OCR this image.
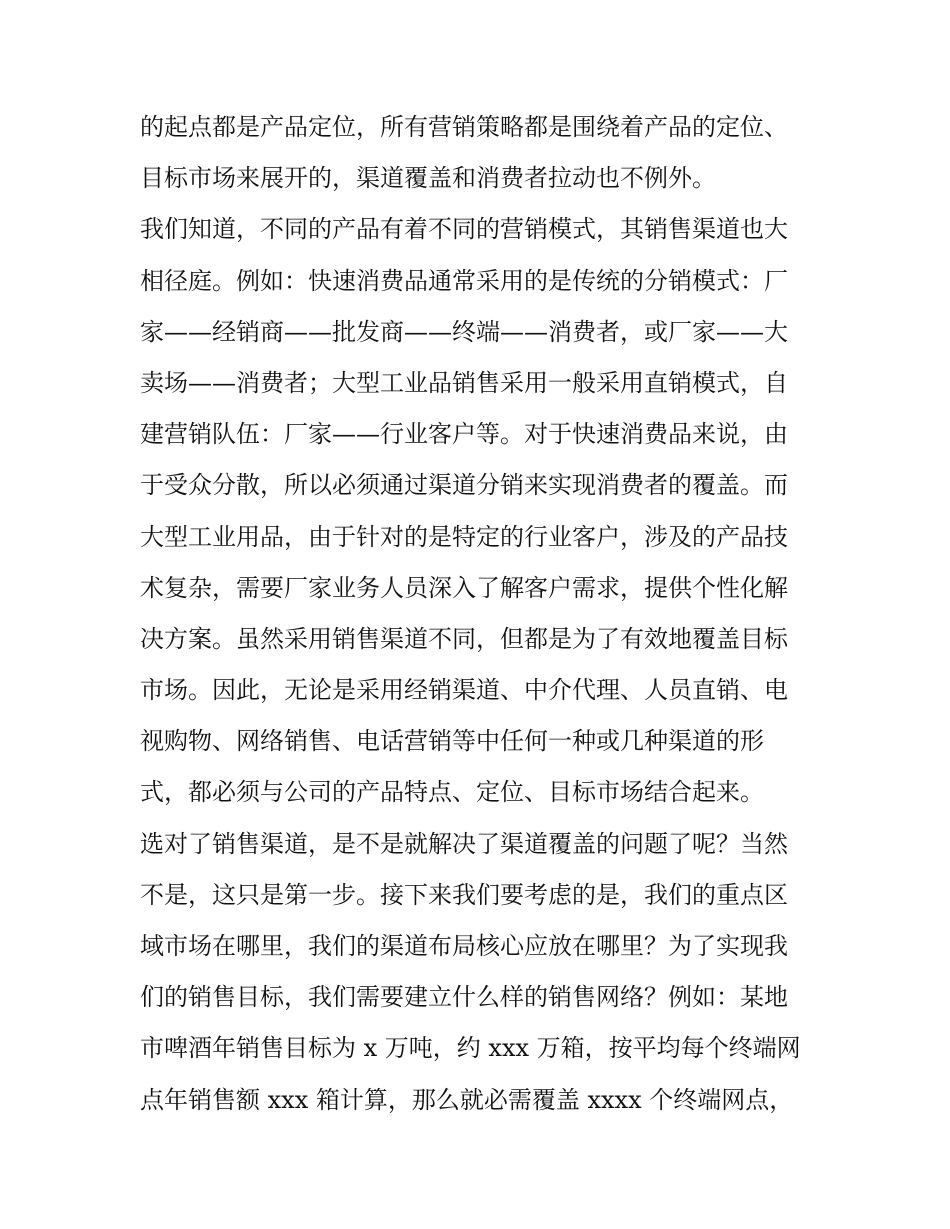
的起点都是产品定位，所有营销策略都是围绕着产品的定位、
目标市场来展开的，渠道覆盖和消费者拉动也不例外。
我们知道，不同的产品有着不同的营销模式，其销售渠道也大
相径庭。例如：快速消费品通常采用的是传统的分销模式：厂
家——经销商——批发商——终端——消费者，或厂家——大
卖场——消费者；大型工业品销售采用一般采用直销模式，自
建营销队伍：厂家——行业客户等。对于快速消费品来说，由
于受众分散，所以必须通过渠道分销来实现消费者的覆盖。而
大型工业用品，由于针对的是特定的行业客户，涉及的产品技
术复杂，需要厂家业务人员深入了解客户需求，提供个性化解
决方案。虽然采用销售渠道不同，但都是为了有效地覆盖目标
市场。因此，无论是采用经销渠道、中介代理、人员直销、电
视购物、网络销售、电话营销等中任何一种或几种渠道的形
式，都必须与公司的产品特点、定位、目标市场结合起来。
选对了销售渠道，是不是就解决了渠道覆盖的问题了呢？当然
不是，这只是第一步。接下来我们要考虑的是，我们的重点区
域市场在哪里，我们的渠道布局核心应放在哪里？为了实现我
们的销售目标，我们需要建立什么样的销售网络？例如：某地
市啤酒年销售目标为 x 万吨，约 xxx 万箱，按平均每个终端网
点年销售额 xxx 箱计算，那么就必需覆盖 xxxx 个终端网点，
